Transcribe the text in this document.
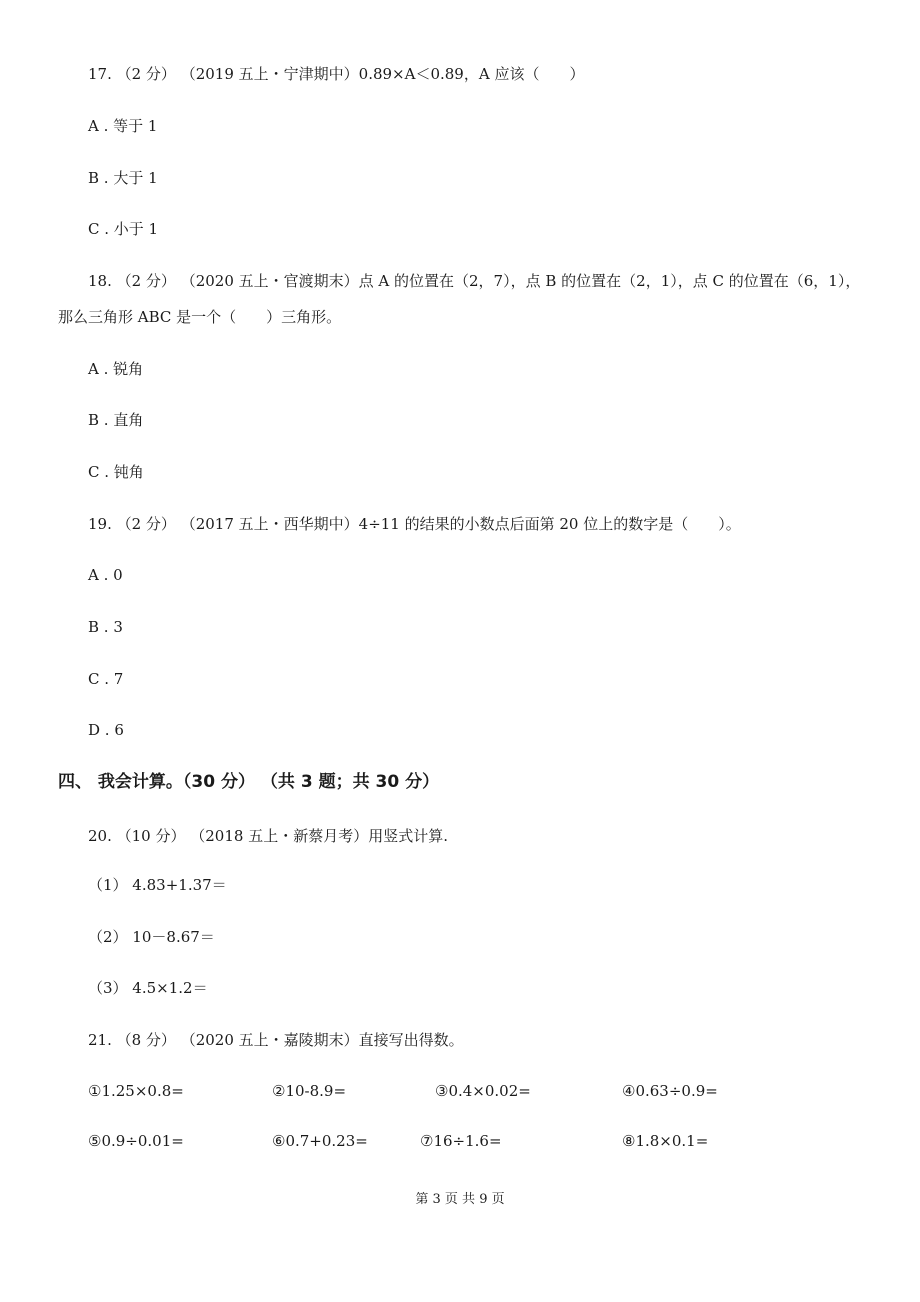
17. （2 分） （2019 五上・宁津期中）0.89×A＜0.89，A 应该（　　）
A . 等于 1
B . 大于 1
C . 小于 1
18. （2 分） （2020 五上・官渡期末）点 A 的位置在（2，7），点 B 的位置在（2，1），点 C 的位置在（6，1），
那么三角形 ABC 是一个（　　）三角形。
A . 锐角
B . 直角
C . 钝角
19. （2 分） （2017 五上・西华期中）4÷11 的结果的小数点后面第 20 位上的数字是（　　）。
A . 0
B . 3
C . 7
D . 6
四、 我会计算。（30 分） （共 3 题；共 30 分）
20. （10 分） （2018 五上・新蔡月考）用竖式计算.
（1） 4.83+1.37＝
（2） 10－8.67＝
（3） 4.5×1.2＝
21. （8 分） （2020 五上・嘉陵期末）直接写出得数。
①1.25×0.8=	②10-8.9=	③0.4×0.02=	④0.63÷0.9=
⑤0.9÷0.01=	⑥0.7+0.23=	⑦16÷1.6=	⑧1.8×0.1=
第 3 页 共 9 页
